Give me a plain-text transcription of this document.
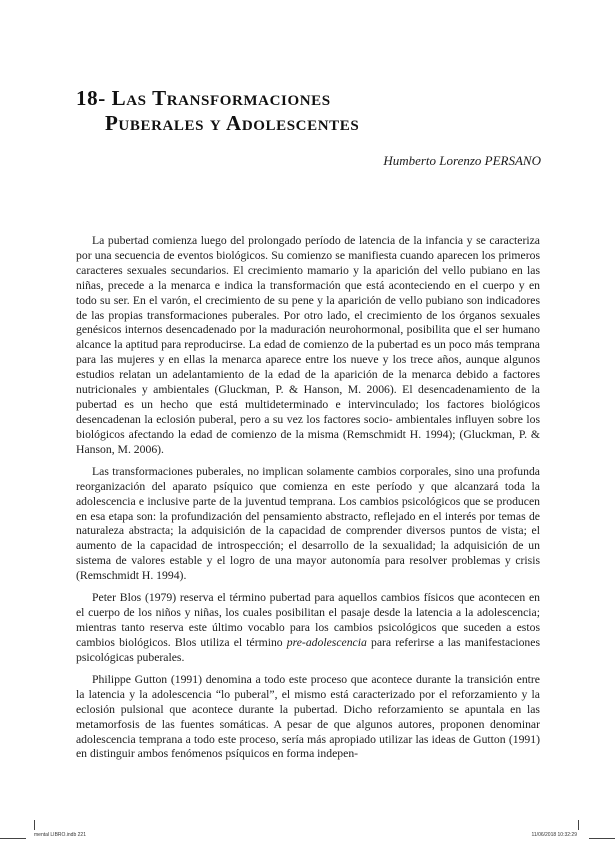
18- Las Transformaciones
Puberales y Adolescentes
Humberto Lorenzo PERSANO

La pubertad comienza luego del prolongado período de latencia de la infancia y se caracteriza por una secuencia de eventos biológicos. Su comienzo se manifiesta cuando aparecen los primeros caracteres sexuales secundarios. El crecimiento mamario y la aparición del vello pubiano en las niñas, precede a la menarca e indica la transformación que está aconteciendo en el cuerpo y en todo su ser. En el varón, el crecimiento de su pene y la aparición de vello pubiano son indicadores de las propias transformaciones puberales. Por otro lado, el crecimiento de los órganos sexuales genésicos internos desencadenado por la maduración neurohormonal, posibilita que el ser humano alcance la aptitud para reproducirse. La edad de comienzo de la pubertad es un poco más temprana para las mujeres y en ellas la menarca aparece entre los nueve y los trece años, aunque algunos estudios relatan un adelantamiento de la edad de la aparición de la menarca debido a factores nutricionales y ambientales (Gluckman, P. & Hanson, M. 2006). El desencadenamiento de la pubertad es un hecho que está multideterminado e intervinculado; los factores biológicos desencadenan la eclosión puberal, pero a su vez los factores socio- ambientales influyen sobre los biológicos afectando la edad de comienzo de la misma (Remschmidt H. 1994); (Gluckman, P. & Hanson, M. 2006).

Las transformaciones puberales, no implican solamente cambios corporales, sino una profunda reorganización del aparato psíquico que comienza en este período y que alcanzará toda la adolescencia e inclusive parte de la juventud temprana. Los cambios psicológicos que se producen en esa etapa son: la profundización del pensamiento abstracto, reflejado en el interés por temas de naturaleza abstracta; la adquisición de la capacidad de comprender diversos puntos de vista; el aumento de la capacidad de introspección; el desarrollo de la sexualidad; la adquisición de un sistema de valores estable y el logro de una mayor autonomía para resolver problemas y crisis (Remschmidt H. 1994).

Peter Blos (1979) reserva el término pubertad para aquellos cambios físicos que acontecen en el cuerpo de los niños y niñas, los cuales posibilitan el pasaje desde la latencia a la adolescencia; mientras tanto reserva este último vocablo para los cambios psicológicos que suceden a estos cambios biológicos. Blos utiliza el término pre-adolescencia para referirse a las manifestaciones psicológicas puberales.

Philippe Gutton (1991) denomina a todo este proceso que acontece durante la transición entre la latencia y la adolescencia “lo puberal”, el mismo está caracterizado por el reforzamiento y la eclosión pulsional que acontece durante la pubertad. Dicho reforzamiento se apuntala en las metamorfosis de las fuentes somáticas. A pesar de que algunos autores, proponen denominar adolescencia temprana a todo este proceso, sería más apropiado utilizar las ideas de Gutton (1991) en distinguir ambos fenómenos psíquicos en forma indepen-

mental LIBRO.indb 221	11/06/2018 10:32:29
